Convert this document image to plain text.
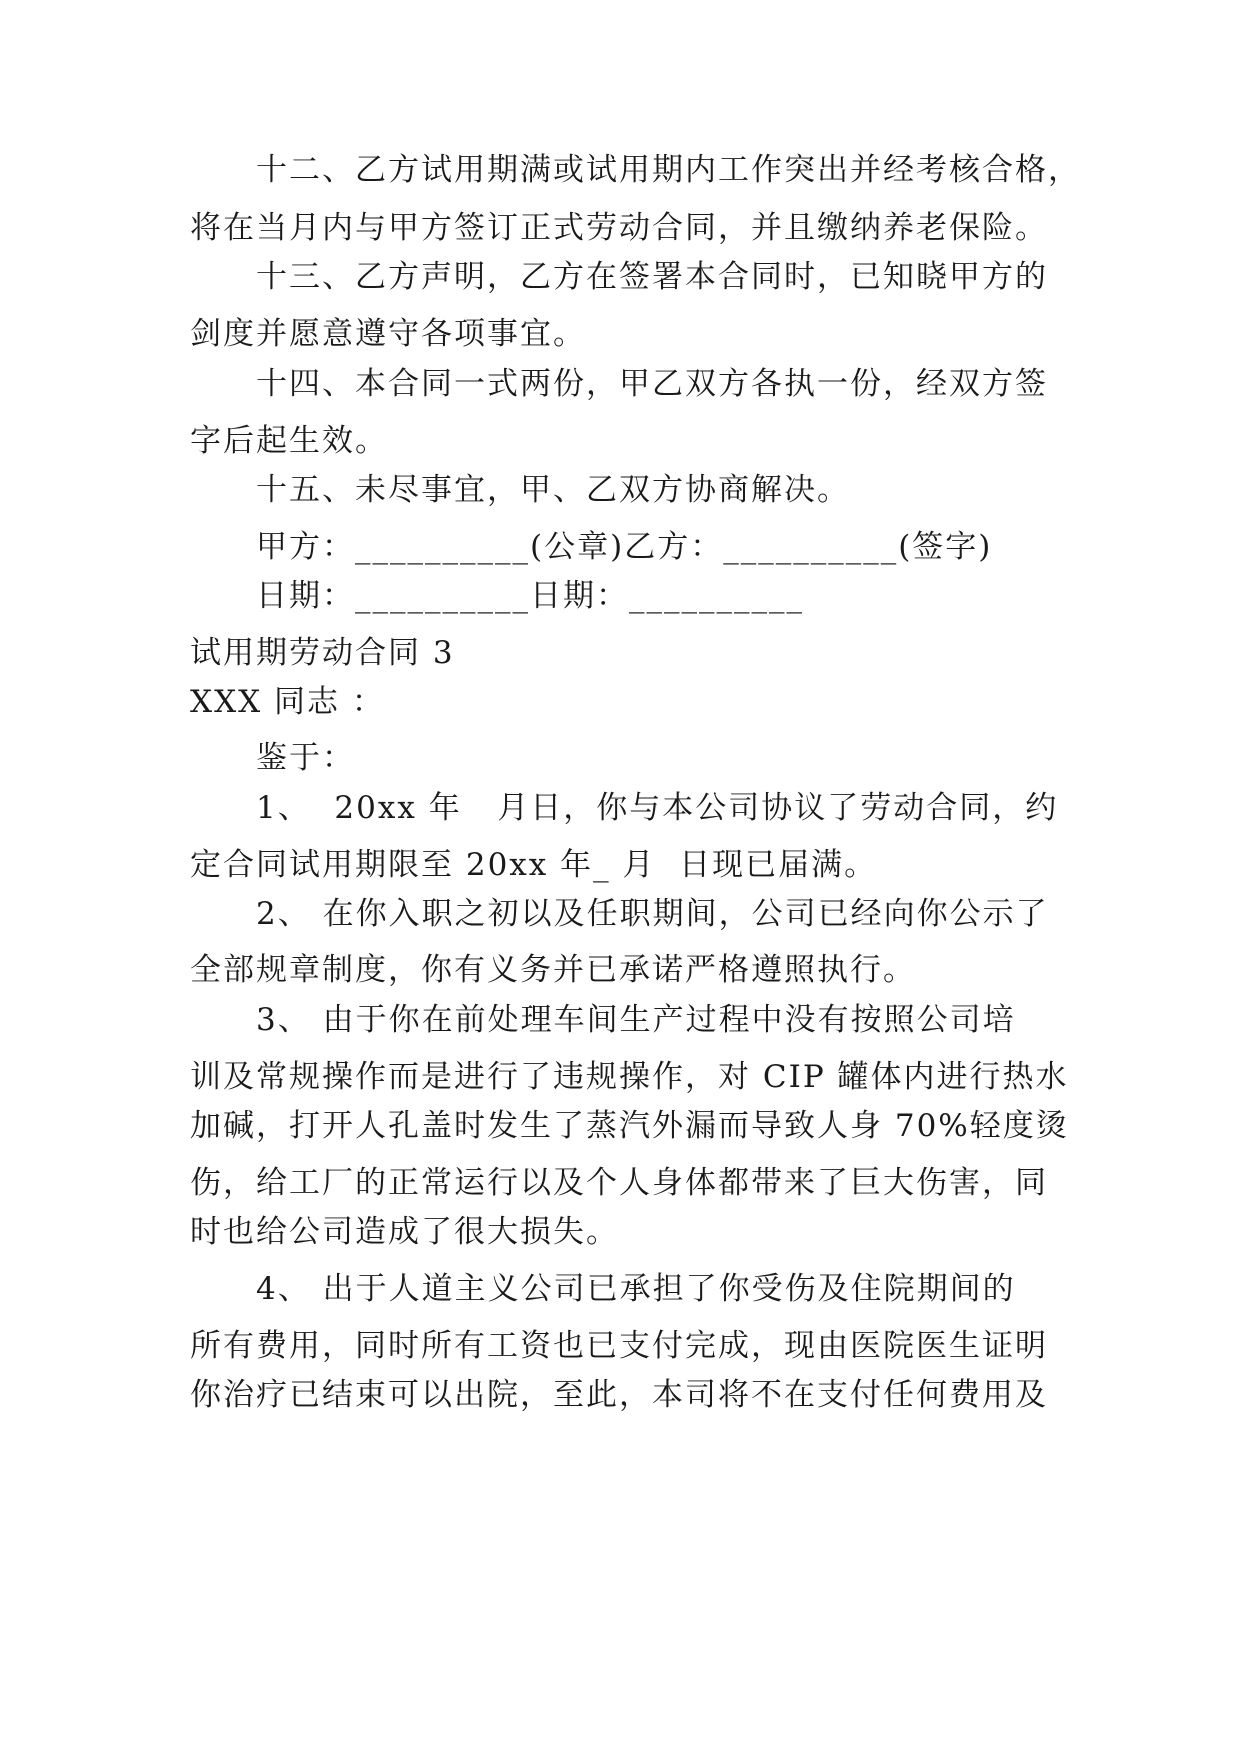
十二、乙方试用期满或试用期内工作突出并经考核合格，
将在当月内与甲方签订正式劳动合同，并且缴纳养老保险。
十三、乙方声明，乙方在签署本合同时，已知晓甲方的
剑度并愿意遵守各项事宜。
十四、本合同一式两份，甲乙双方各执一份，经双方签
字后起生效。
十五、未尽事宜，甲、乙双方协商解决。
甲方：__________(公章)乙方：__________(签字)
日期：__________日期：__________
试用期劳动合同 3
XXX 同志 ：
鉴于：
1、  20xx 年   月日，你与本公司协议了劳动合同，约
定合同试用期限至 20xx 年_ 月  日现已届满。
2、 在你入职之初以及任职期间，公司已经向你公示了
全部规章制度，你有义务并已承诺严格遵照执行。
3、 由于你在前处理车间生产过程中没有按照公司培
训及常规操作而是进行了违规操作，对 CIP 罐体内进行热水
加碱，打开人孔盖时发生了蒸汽外漏而导致人身 70%轻度烫
伤，给工厂的正常运行以及个人身体都带来了巨大伤害，同
时也给公司造成了很大损失。
4、 出于人道主义公司已承担了你受伤及住院期间的
所有费用，同时所有工资也已支付完成，现由医院医生证明
你治疗已结束可以出院，至此，本司将不在支付任何费用及
